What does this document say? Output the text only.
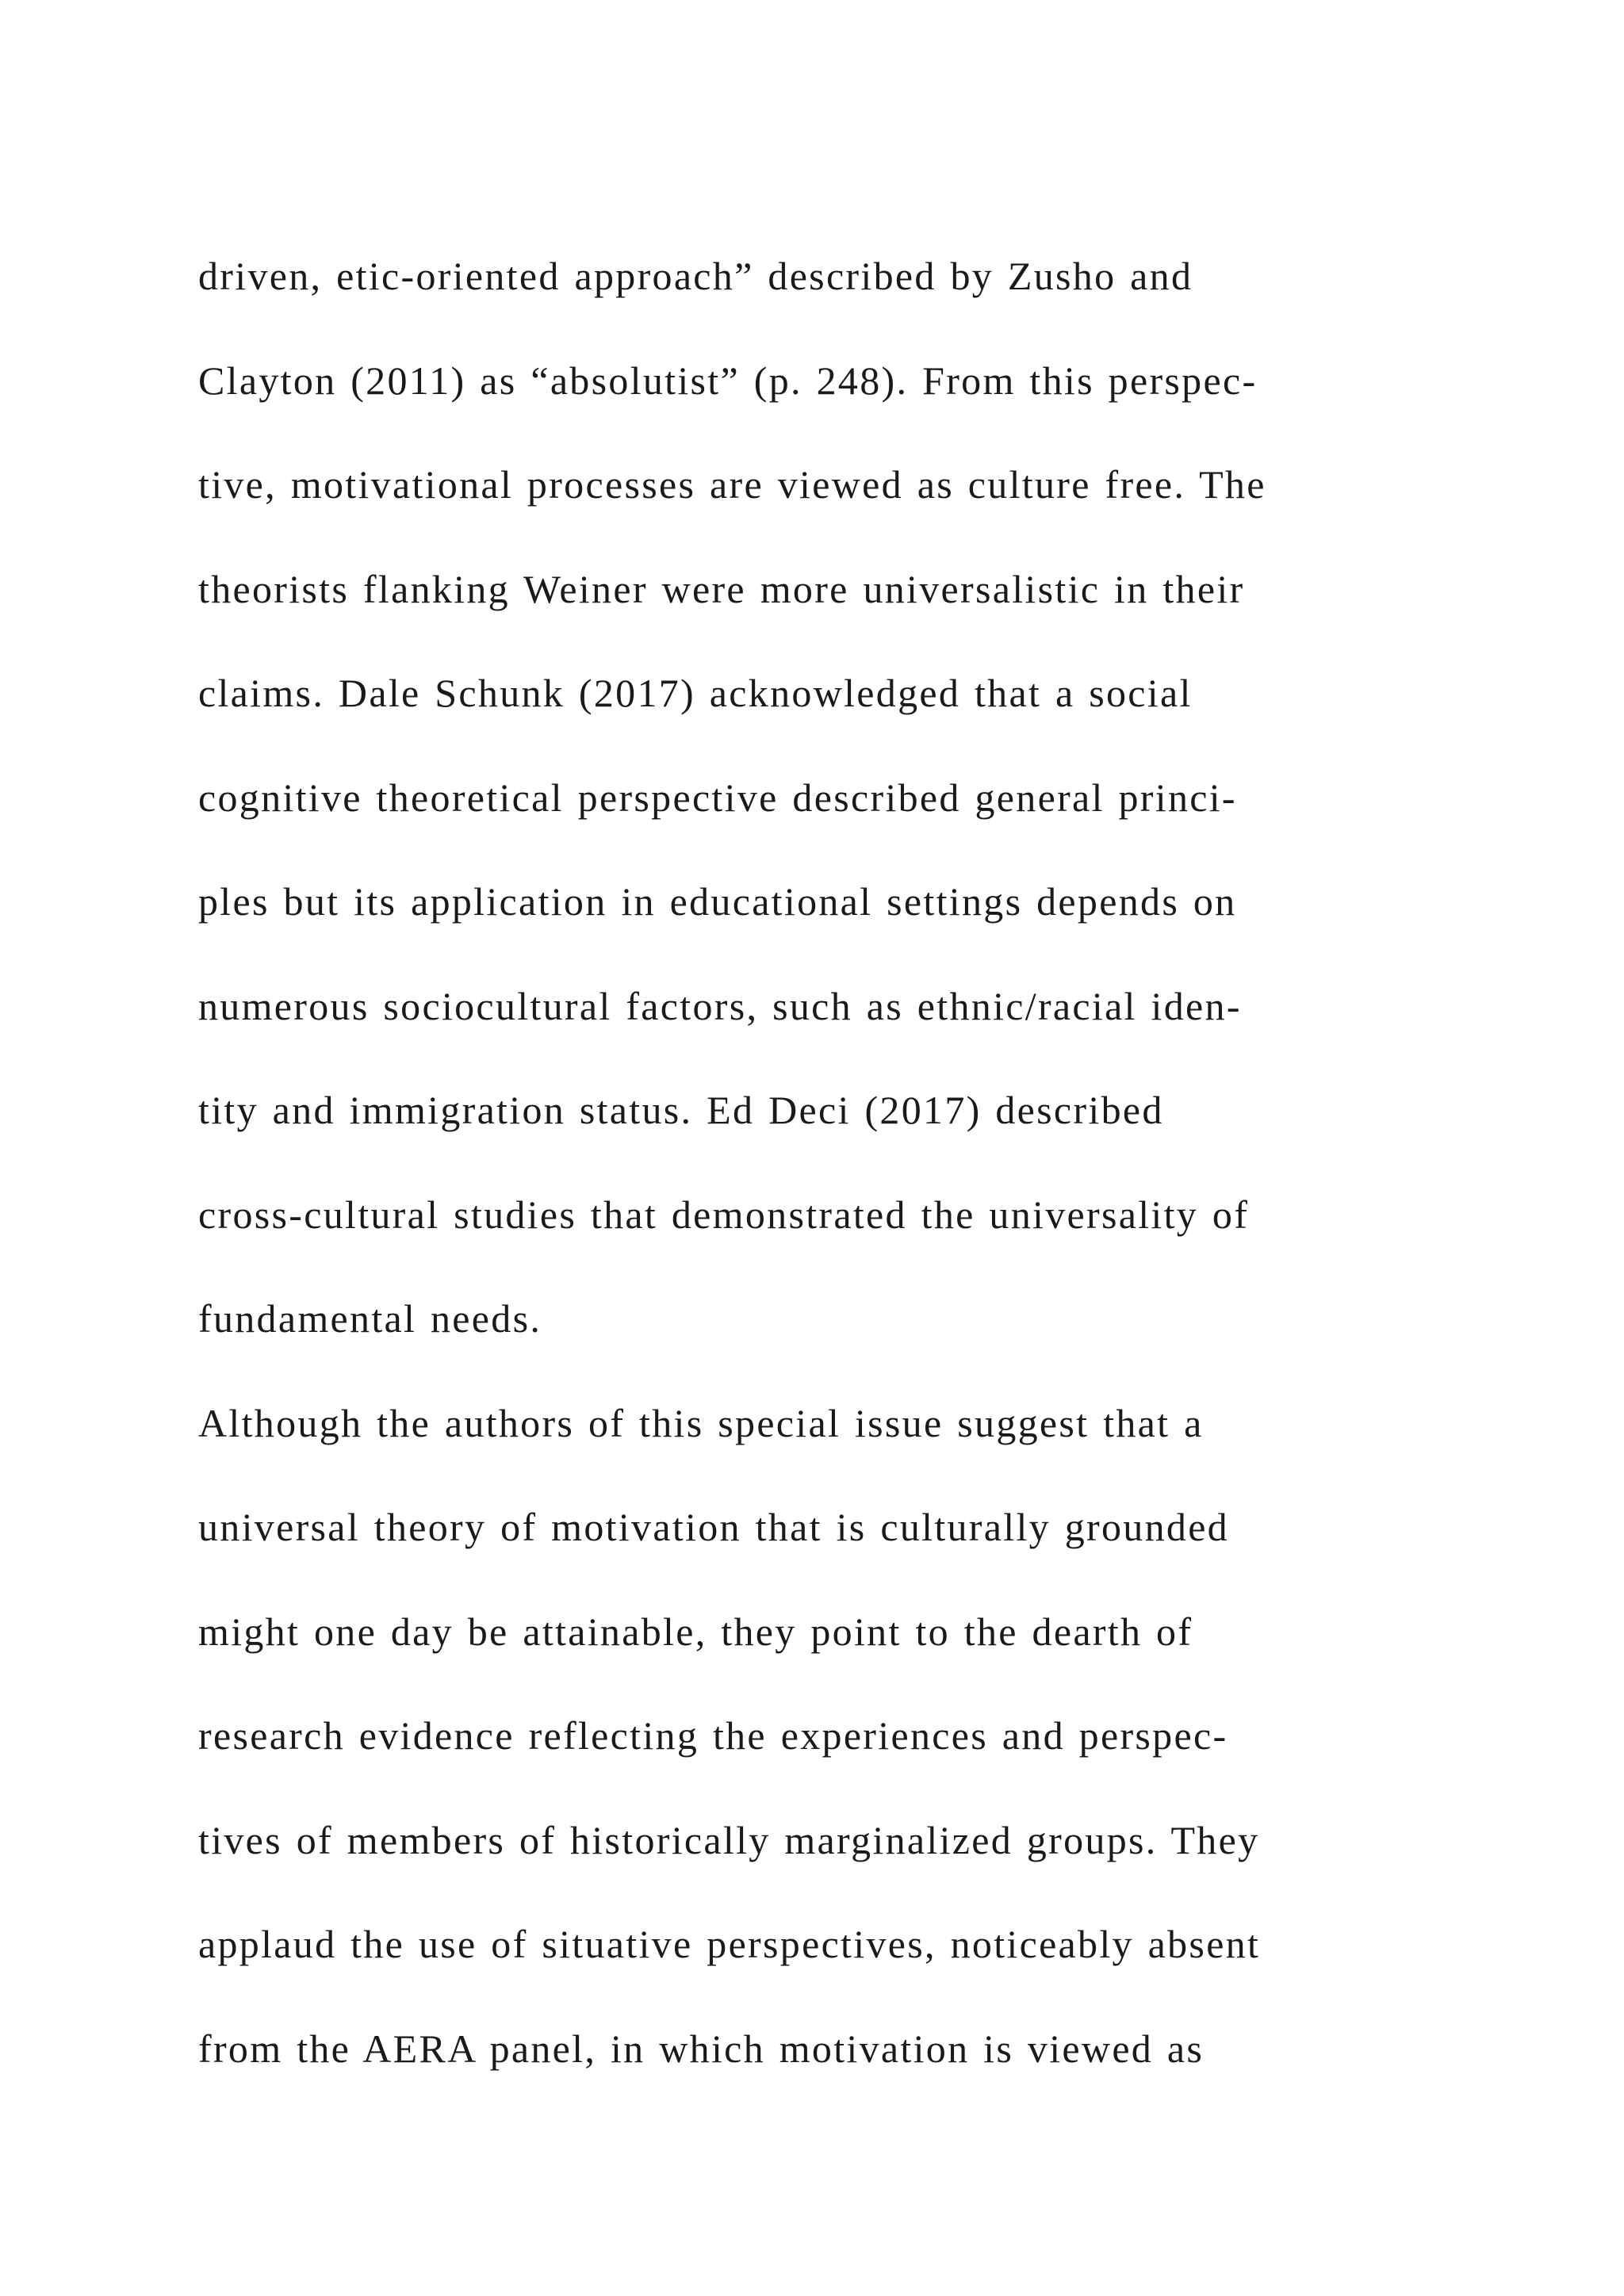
driven, etic-oriented approach” described by Zusho and
Clayton (2011) as “absolutist” (p. 248). From this perspec-
tive, motivational processes are viewed as culture free. The
theorists flanking Weiner were more universalistic in their
claims. Dale Schunk (2017) acknowledged that a social
cognitive theoretical perspective described general princi-
ples but its application in educational settings depends on
numerous sociocultural factors, such as ethnic/racial iden-
tity and immigration status. Ed Deci (2017) described
cross-cultural studies that demonstrated the universality of
fundamental needs.
Although the authors of this special issue suggest that a
universal theory of motivation that is culturally grounded
might one day be attainable, they point to the dearth of
research evidence reflecting the experiences and perspec-
tives of members of historically marginalized groups. They
applaud the use of situative perspectives, noticeably absent
from the AERA panel, in which motivation is viewed as
